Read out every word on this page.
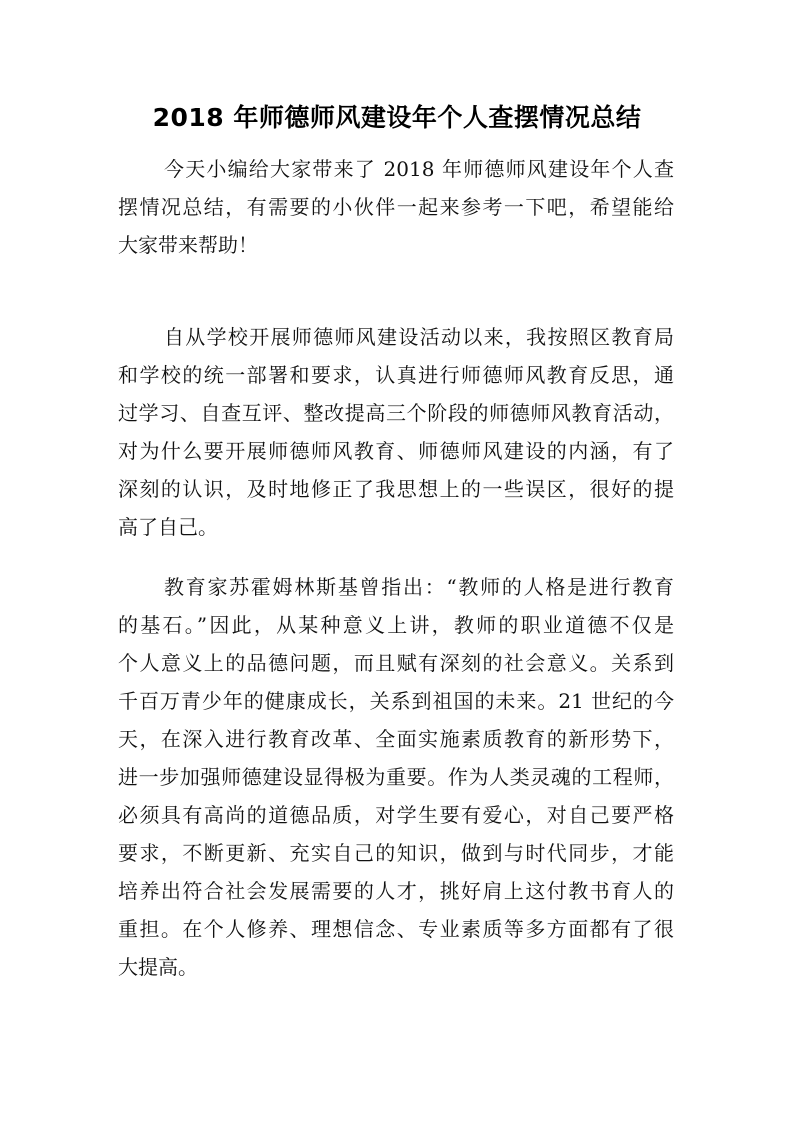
2018 年师德师风建设年个人查摆情况总结
今天小编给大家带来了 2018 年师德师风建设年个人查
摆情况总结，有需要的小伙伴一起来参考一下吧，希望能给
大家带来帮助！
自从学校开展师德师风建设活动以来，我按照区教育局
和学校的统一部署和要求，认真进行师德师风教育反思，通
过学习、自查互评、整改提高三个阶段的师德师风教育活动，
对为什么要开展师德师风教育、师德师风建设的内涵，有了
深刻的认识，及时地修正了我思想上的一些误区，很好的提
高了自己。
教育家苏霍姆林斯基曾指出：“教师的人格是进行教育
的基石。”因此，从某种意义上讲，教师的职业道德不仅是
个人意义上的品德问题，而且赋有深刻的社会意义。关系到
千百万青少年的健康成长，关系到祖国的未来。21 世纪的今
天，在深入进行教育改革、全面实施素质教育的新形势下，
进一步加强师德建设显得极为重要。作为人类灵魂的工程师，
必须具有高尚的道德品质，对学生要有爱心，对自己要严格
要求，不断更新、充实自己的知识，做到与时代同步，才能
培养出符合社会发展需要的人才，挑好肩上这付教书育人的
重担。在个人修养、理想信念、专业素质等多方面都有了很
大提高。
